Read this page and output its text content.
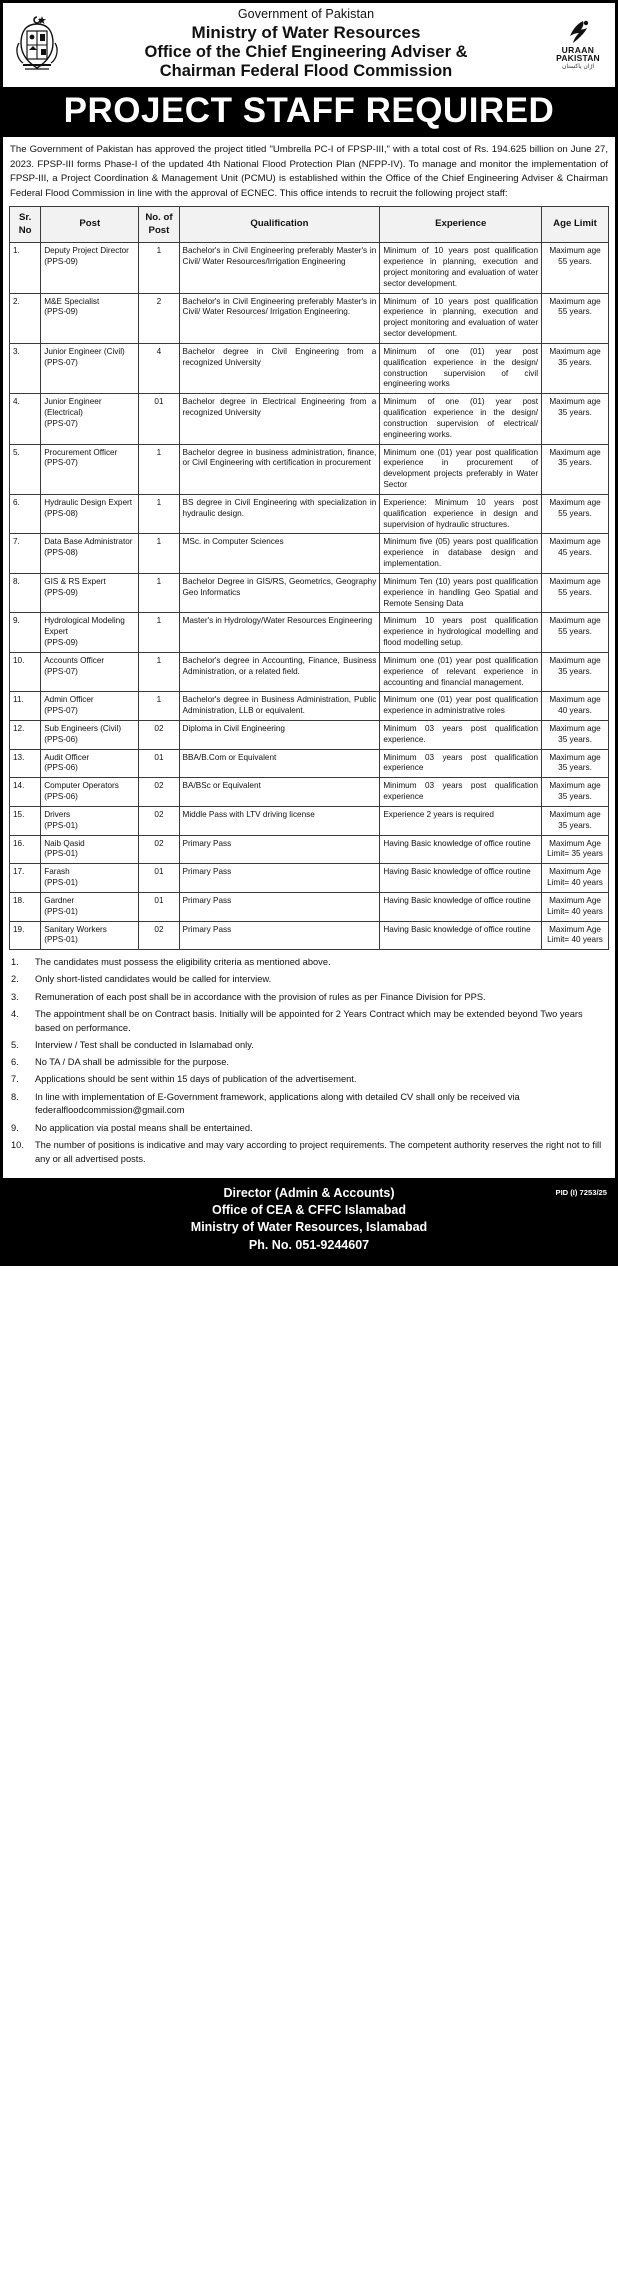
Government of Pakistan
Ministry of Water Resources
Office of the Chief Engineering Adviser &
Chairman Federal Flood Commission
URAAN
PAKISTAN
اڑان پاکستان
PROJECT STAFF REQUIRED
The Government of Pakistan has approved the project titled "Umbrella PC-I of FPSP-III," with a total cost of Rs. 194.625 billion on June 27, 2023. FPSP-III forms Phase-I of the updated 4th National Flood Protection Plan (NFPP-IV). To manage and monitor the implementation of FPSP-III, a Project Coordination & Management Unit (PCMU) is established within the Office of the Chief Engineering Adviser & Chairman Federal Flood Commission in line with the approval of ECNEC. This office intends to recruit the following project staff:
Sr. No	Post	No. of Post	Qualification	Experience	Age Limit
1.	Deputy Project Director
(PPS-09)	1	Bachelor's in Civil Engineering preferably Master's in Civil/ Water Resources/Irrigation Engineering	Minimum of 10 years post qualification experience in planning, execution and project monitoring and evaluation of water sector development.	Maximum age 55 years.
2.	M&E Specialist
(PPS-09)	2	Bachelor's in Civil Engineering preferably Master's in Civil/ Water Resources/ Irrigation Engineering.	Minimum of 10 years post qualification experience in planning, execution and project monitoring and evaluation of water sector development.	Maximum age 55 years.
3.	Junior Engineer (Civil)
(PPS-07)	4	Bachelor degree in Civil Engineering from a recognized University	Minimum of one (01) year post qualification experience in the design/ construction supervision of civil engineering works	Maximum age 35 years.
4.	Junior Engineer (Electrical)
(PPS-07)	01	Bachelor degree in Electrical Engineering from a recognized University	Minimum of one (01) year post qualification experience in the design/ construction supervision of electrical/ engineering works.	Maximum age 35 years.
5.	Procurement Officer
(PPS-07)	1	Bachelor degree in business administration, finance, or Civil Engineering with certification in procurement	Minimum one (01) year post qualification experience in procurement of development projects preferably in Water Sector	Maximum age 35 years.
6.	Hydraulic Design Expert
(PPS-08)	1	BS degree in Civil Engineering with specialization in hydraulic design.	Experience: Minimum 10 years post qualification experience in design and supervision of hydraulic structures.	Maximum age 55 years.
7.	Data Base Administrator
(PPS-08)	1	MSc. in Computer Sciences	Minimum five (05) years post qualification experience in database design and implementation.	Maximum age 45 years.
8.	GIS & RS Expert
(PPS-09)	1	Bachelor Degree in GIS/RS, Geometrics, Geography Geo Informatics	Minimum Ten (10) years post qualification experience in handling Geo Spatial and Remote Sensing Data	Maximum age 55 years.
9.	Hydrological Modeling Expert
(PPS-09)	1	Master's in Hydrology/Water Resources Engineering	Minimum 10 years post qualification experience in hydrological modelling and flood modelling setup.	Maximum age 55 years.
10.	Accounts Officer
(PPS-07)	1	Bachelor's degree in Accounting, Finance, Business Administration, or a related field.	Minimum one (01) year post qualification experience of relevant experience in accounting and financial management.	Maximum age 35 years.
11.	Admin Officer
(PPS-07)	1	Bachelor's degree in Business Administration, Public Administration, LLB or equivalent.	Minimum one (01) year post qualification experience in administrative roles	Maximum age 40 years.
12.	Sub Engineers (Civil)
(PPS-06)	02	Diploma in Civil Engineering	Minimum 03 years post qualification experience.	Maximum age 35 years.
13.	Audit Officer
(PPS-06)	01	BBA/B.Com or Equivalent	Minimum 03 years post qualification experience	Maximum age 35 years.
14.	Computer Operators
(PPS-06)	02	BA/BSc or Equivalent	Minimum 03 years post qualification experience	Maximum age 35 years.
15.	Drivers
(PPS-01)	02	Middle Pass with LTV driving license	Experience 2 years is required	Maximum age 35 years.
16.	Naib Qasid
(PPS-01)	02	Primary Pass	Having Basic knowledge of office routine	Maximum Age Limit= 35 years
17.	Farash
(PPS-01)	01	Primary Pass	Having Basic knowledge of office routine	Maximum Age Limit= 40 years
18.	Gardner
(PPS-01)	01	Primary Pass	Having Basic knowledge of office routine	Maximum Age Limit= 40 years
19.	Sanitary Workers
(PPS-01)	02	Primary Pass	Having Basic knowledge of office routine	Maximum Age Limit= 40 years
1.	The candidates must possess the eligibility criteria as mentioned above.
2.	Only short-listed candidates would be called for interview.
3.	Remuneration of each post shall be in accordance with the provision of rules as per Finance Division for PPS.
4.	The appointment shall be on Contract basis. Initially will be appointed for 2 Years Contract which may be extended beyond Two years based on performance.
5.	Interview / Test shall be conducted in Islamabad only.
6.	No TA / DA shall be admissible for the purpose.
7.	Applications should be sent within 15 days of publication of the advertisement.
8.	In line with implementation of E-Government framework, applications along with detailed CV shall only be received via federalfloodcommission@gmail.com
9.	No application via postal means shall be entertained.
10.	The number of positions is indicative and may vary according to project requirements. The competent authority reserves the right not to fill any or all advertised posts.
PID (I) 7253/25
Director (Admin & Accounts)
Office of CEA & CFFC Islamabad
Ministry of Water Resources, Islamabad
Ph. No. 051-9244607
